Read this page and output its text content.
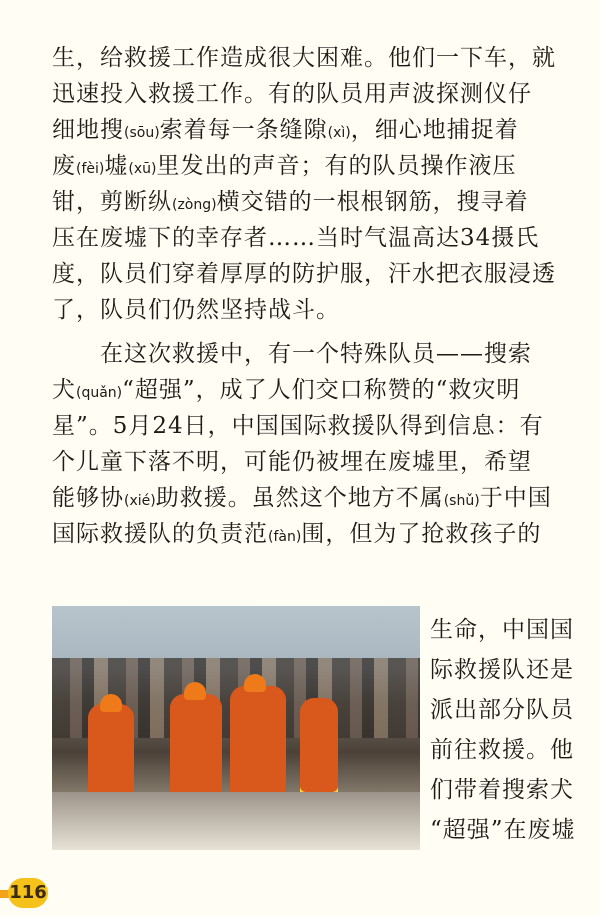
生，给救援工作造成很大困难。他们一下车，就
迅速投入救援工作。有的队员用声波探测仪仔
细地搜(sōu)索着每一条缝隙(xì)，细心地捕捉着
废(fèi)墟(xū)里发出的声音；有的队员操作液压
钳，剪断纵(zòng)横交错的一根根钢筋，搜寻着
压在废墟下的幸存者……当时气温高达34摄氏
度，队员们穿着厚厚的防护服，汗水把衣服浸透
了，队员们仍然坚持战斗。
在这次救援中，有一个特殊队员——搜索
犬(quǎn)“超强”，成了人们交口称赞的“救灾明
星”。5月24日，中国国际救援队得到信息：有
个儿童下落不明，可能仍被埋在废墟里，希望
能够协(xié)助救援。虽然这个地方不属(shǔ)于中国
国际救援队的负责范(fàn)围，但为了抢救孩子的
生命，中国国
际救援队还是
派出部分队员
前往救援。他
们带着搜索犬
“超强”在废墟
116
